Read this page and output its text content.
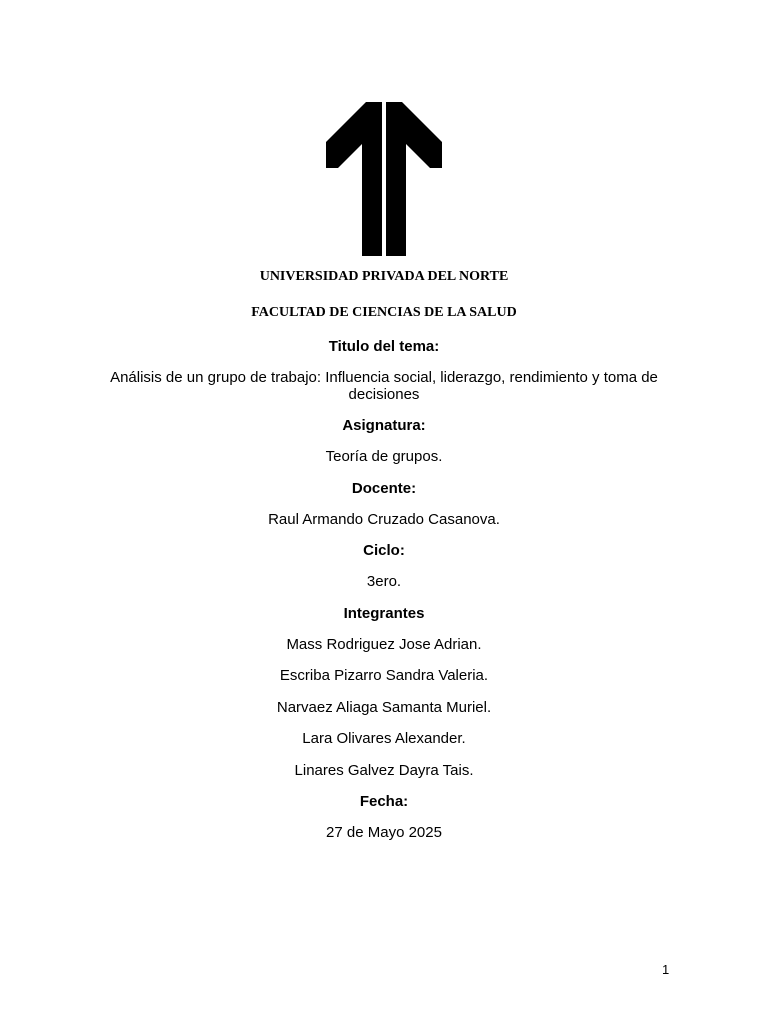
UNIVERSIDAD PRIVADA DEL NORTE
FACULTAD DE CIENCIAS DE LA SALUD
Titulo del tema:
Análisis de un grupo de trabajo: Influencia social, liderazgo, rendimiento y toma de decisiones
Asignatura:
Teoría de grupos.
Docente:
Raul Armando Cruzado Casanova.
Ciclo:
3ero.
Integrantes
Mass Rodriguez Jose Adrian.
Escriba Pizarro Sandra Valeria.
Narvaez Aliaga Samanta Muriel.
Lara Olivares Alexander.
Linares Galvez Dayra Tais.
Fecha:
27 de Mayo 2025
1
